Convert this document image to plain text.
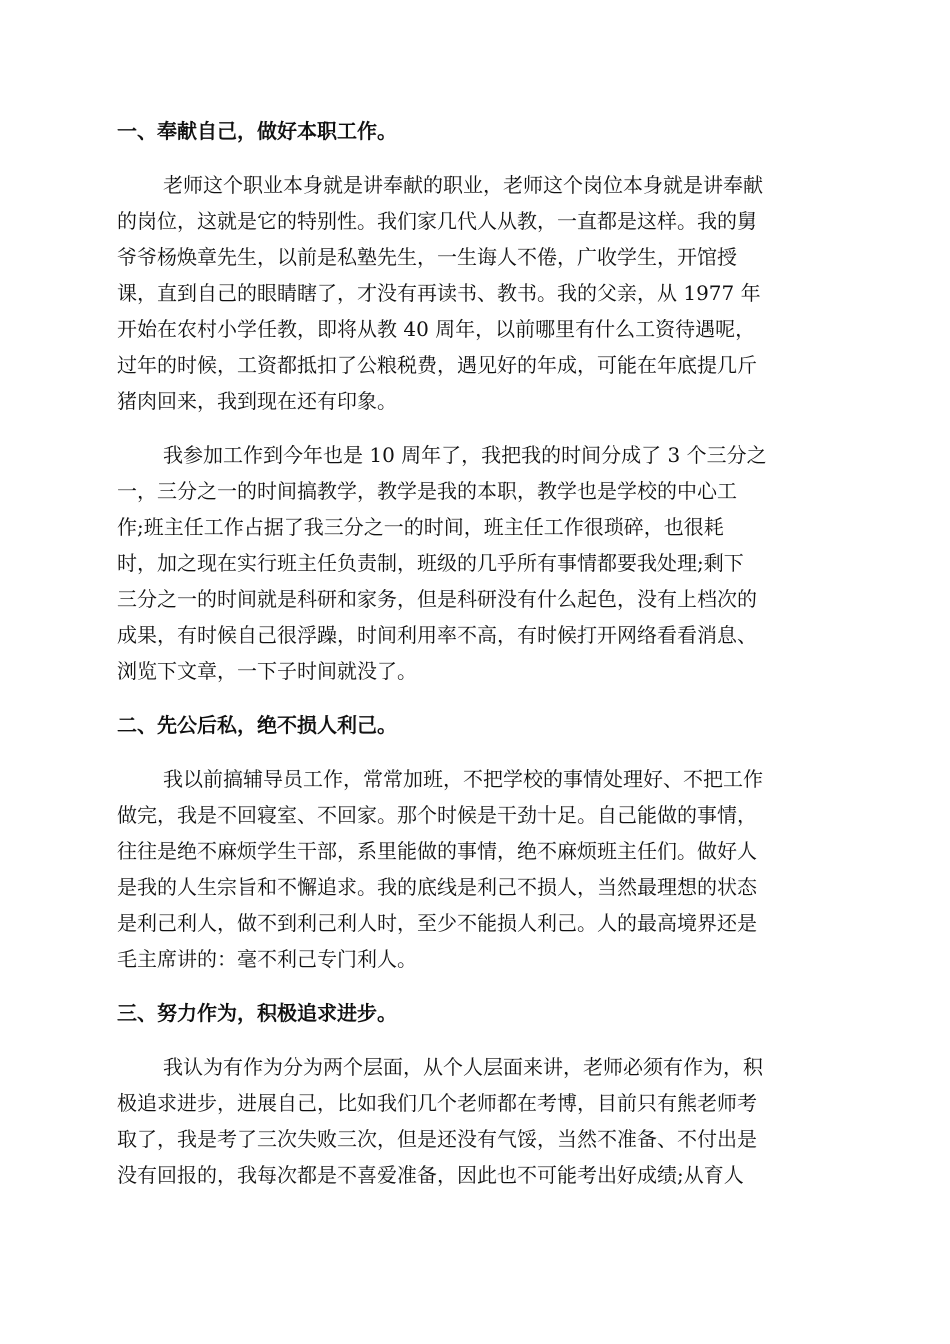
一、奉献自己，做好本职工作。
老师这个职业本身就是讲奉献的职业，老师这个岗位本身就是讲奉献
的岗位，这就是它的特别性。我们家几代人从教，一直都是这样。我的舅
爷爷杨焕章先生，以前是私塾先生，一生诲人不倦，广收学生，开馆授
课，直到自己的眼睛瞎了，才没有再读书、教书。我的父亲，从 1977 年
开始在农村小学任教，即将从教 40 周年，以前哪里有什么工资待遇呢，
过年的时候，工资都抵扣了公粮税费，遇见好的年成，可能在年底提几斤
猪肉回来，我到现在还有印象。
我参加工作到今年也是 10 周年了，我把我的时间分成了 3 个三分之
一，三分之一的时间搞教学，教学是我的本职，教学也是学校的中心工
作;班主任工作占据了我三分之一的时间，班主任工作很琐碎，也很耗
时，加之现在实行班主任负责制，班级的几乎所有事情都要我处理;剩下
三分之一的时间就是科研和家务，但是科研没有什么起色，没有上档次的
成果，有时候自己很浮躁，时间利用率不高，有时候打开网络看看消息、
浏览下文章，一下子时间就没了。
二、先公后私，绝不损人利己。
我以前搞辅导员工作，常常加班，不把学校的事情处理好、不把工作
做完，我是不回寝室、不回家。那个时候是干劲十足。自己能做的事情，
往往是绝不麻烦学生干部，系里能做的事情，绝不麻烦班主任们。做好人
是我的人生宗旨和不懈追求。我的底线是利己不损人，当然最理想的状态
是利己利人，做不到利己利人时，至少不能损人利己。人的最高境界还是
毛主席讲的：毫不利己专门利人。
三、努力作为，积极追求进步。
我认为有作为分为两个层面，从个人层面来讲，老师必须有作为，积
极追求进步，进展自己，比如我们几个老师都在考博，目前只有熊老师考
取了，我是考了三次失败三次，但是还没有气馁，当然不准备、不付出是
没有回报的，我每次都是不喜爱准备，因此也不可能考出好成绩;从育人
